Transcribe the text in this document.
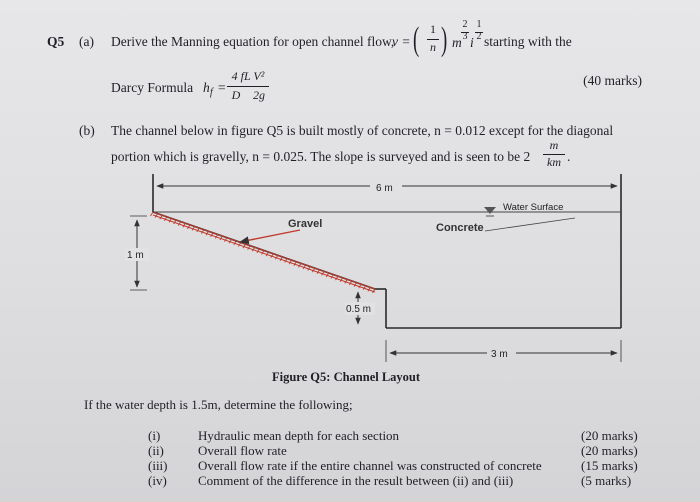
Q5 (a) Derive the Manning equation for open channel flow,
v = ( 1
n ) m
2
3 i
1
2 starting with the
Darcy Formula h f =
4 fL V²
D	2g
(40 marks)
(b) The channel below in figure Q5 is built mostly of concrete, n = 0.012 except for the diagonal
portion which is gravelly, n = 0.025. The slope is surveyed and is seen to be 2
m
km .
6 m
Water Surface
Gravel	Concrete
1 m
0.5 m
3 m
Figure Q5: Channel Layout
If the water depth is 1.5m, determine the following;
(i)	Hydraulic mean depth for each section	(20 marks)
(ii)	Overall flow rate	(20 marks)
(iii) Overall flow rate if the entire channel was constructed of concrete	(15 marks)
(iv) Comment of the difference in the result between (ii) and (iii)	(5 marks)
